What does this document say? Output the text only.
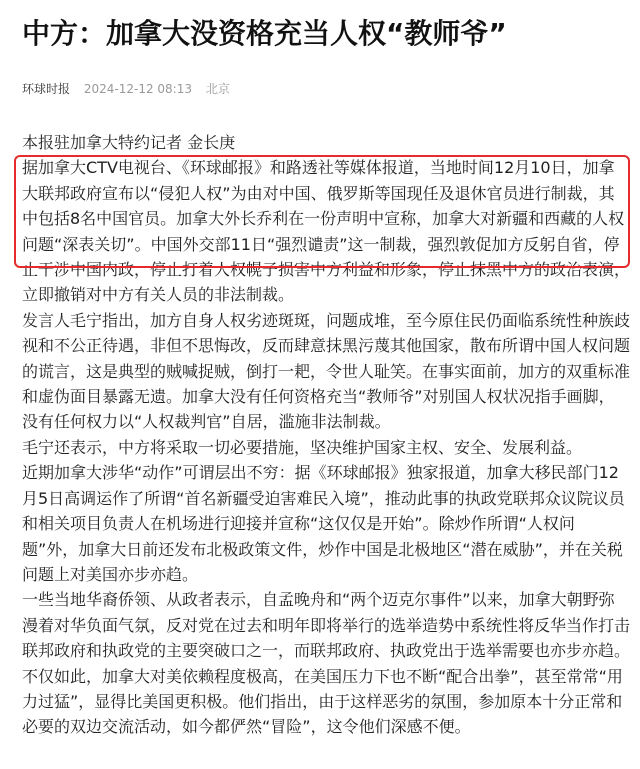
中方：加拿大没资格充当人权“教师爷”
环球时报 2024-12-12 08:13 北京

本报驻加拿大特约记者 金长庚

据加拿大CTV电视台、《环球邮报》和路透社等媒体报道，当地时间12月10日，加拿大联邦政府宣布以“侵犯人权”为由对中国、俄罗斯等国现任及退休官员进行制裁，其中包括8名中国官员。加拿大外长乔利在一份声明中宣称，加拿大对新疆和西藏的人权问题“深表关切”。中国外交部11日“强烈谴责”这一制裁，强烈敦促加方反躬自省，停止干涉中国内政，停止打着人权幌子损害中方利益和形象，停止抹黑中方的政治表演，立即撤销对中方有关人员的非法制裁。

发言人毛宁指出，加方自身人权劣迹斑斑，问题成堆，至今原住民仍面临系统性种族歧视和不公正待遇，非但不思悔改，反而肆意抹黑污蔑其他国家，散布所谓中国人权问题的谎言，这是典型的贼喊捉贼，倒打一耙，令世人耻笑。在事实面前，加方的双重标准和虚伪面目暴露无遗。加拿大没有任何资格充当“教师爷”对别国人权状况指手画脚，没有任何权力以“人权裁判官”自居，滥施非法制裁。

毛宁还表示，中方将采取一切必要措施，坚决维护国家主权、安全、发展利益。

近期加拿大涉华“动作”可谓层出不穷：据《环球邮报》独家报道，加拿大移民部门12月5日高调运作了所谓“首名新疆受迫害难民入境”，推动此事的执政党联邦众议院议员和相关项目负责人在机场进行迎接并宣称“这仅仅是开始”。除炒作所谓“人权问题”外，加拿大日前还发布北极政策文件，炒作中国是北极地区“潜在威胁”，并在关税问题上对美国亦步亦趋。

一些当地华裔侨领、从政者表示，自孟晚舟和“两个迈克尔事件”以来，加拿大朝野弥漫着对华负面气氛，反对党在过去和明年即将举行的选举造势中系统性将反华当作打击联邦政府和执政党的主要突破口之一，而联邦政府、执政党出于选举需要也亦步亦趋。不仅如此，加拿大对美依赖程度极高，在美国压力下也不断“配合出拳”，甚至常常“用力过猛”，显得比美国更积极。他们指出，由于这样恶劣的氛围，参加原本十分正常和必要的双边交流活动，如今都俨然“冒险”，这令他们深感不便。
